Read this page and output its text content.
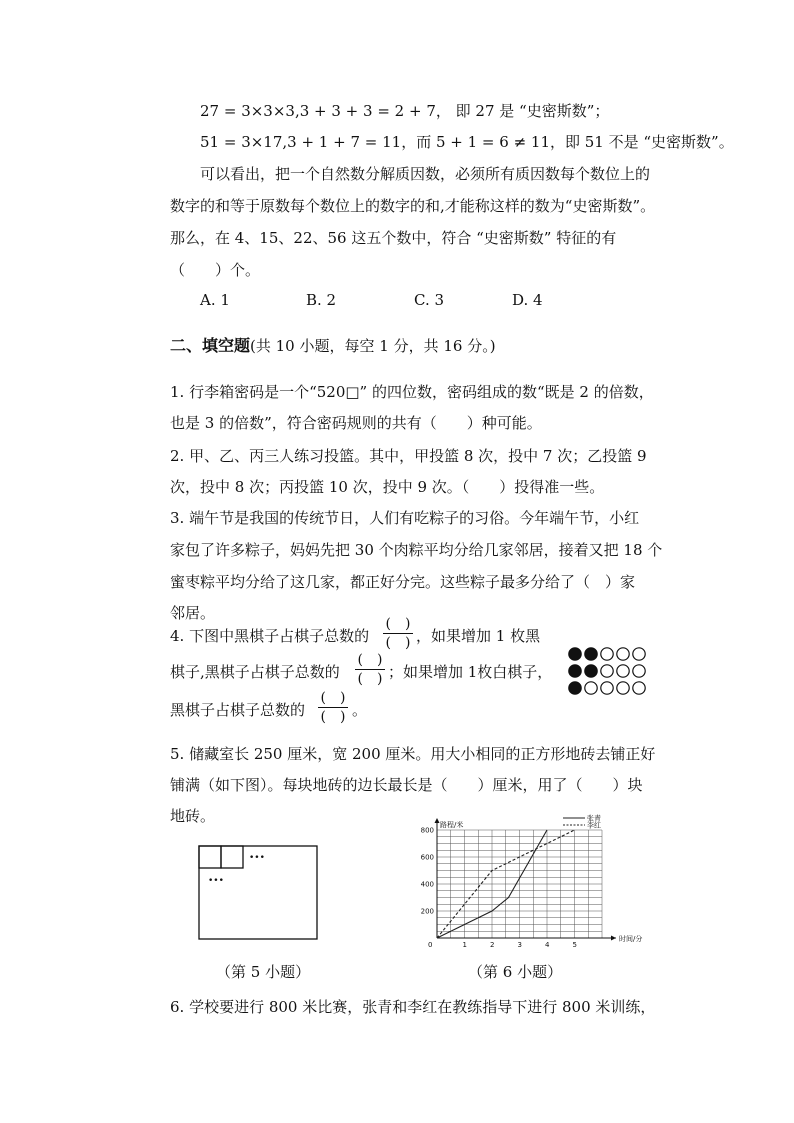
27 = 3×3×3,3 + 3 + 3 = 2 + 7， 即 27 是 “史密斯数”；
51 = 3×17,3 + 1 + 7 = 11，而 5 + 1 = 6 ≠ 11，即 51 不是 “史密斯数”。
可以看出，把一个自然数分解质因数，必须所有质因数每个数位上的
数字的和等于原数每个数位上的数字的和,才能称这样的数为“史密斯数”。
那么，在 4、15、22、56 这五个数中，符合 “史密斯数” 特征的有
（　　）个。
A. 1	B. 2	C. 3	D. 4
二、填空题(共 10 小题，每空 1 分，共 16 分。)
1. 行李箱密码是一个“520□” 的四位数，密码组成的数“既是 2 的倍数，
也是 3 的倍数”，符合密码规则的共有（　　）种可能。
2. 甲、乙、丙三人练习投篮。其中，甲投篮 8 次，投中 7 次；乙投篮 9
次，投中 8 次；丙投篮 10 次，投中 9 次。（　　）投得准一些。
3. 端午节是我国的传统节日，人们有吃粽子的习俗。今年端午节，小红
家包了许多粽子，妈妈先把 30 个肉粽平均分给几家邻居，接着又把 18 个
蜜枣粽平均分给了这几家，都正好分完。这些粽子最多分给了（　）家
邻居。
4. 下图中黑棋子占棋子总数的
(　)
(　) ，如果增加 1 枚黑
棋子,黑棋子占棋子总数的
(　)
(　) ；如果增加 1枚白棋子，
黑棋子占棋子总数的
(　)
(　) 。
5. 储藏室长 250 厘米，宽 200 厘米。用大小相同的正方形地砖去铺正好
铺满（如下图）。每块地砖的边长最长是（　　）厘米，用了（　　）块
地砖。
•••
•••
（第 5 小题）
0	1	2	3	4	5
200
400
600
800
路程/米
时间/分
张青
李红
（第 6 小题）
6. 学校要进行 800 米比赛，张青和李红在教练指导下进行 800 米训练，
